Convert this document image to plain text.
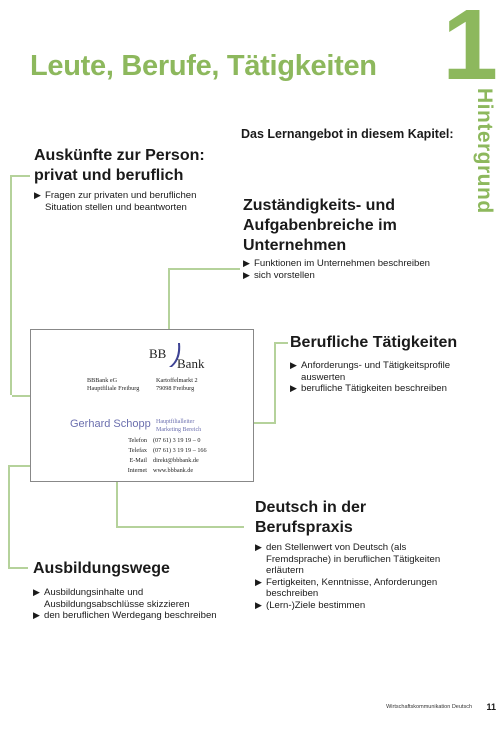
Leute, Berufe, Tätigkeiten 1
Hintergrund
Das Lernangebot in diesem Kapitel:
Auskünfte zur Person:
privat und beruflich
▶ Fragen zur privaten und beruflichen Situation stellen und beantworten	Zuständigkeits- und
Aufgabenbreiche im
Unternehmen
▶ Funktionen im Unternehmen beschreiben
▶ sich vorstellen
Berufliche Tätigkeiten
▶ Anforderungs- und Tätigkeitsprofile auswerten
▶ berufliche Tätigkeiten beschreiben
BB
Bank
BBBank eG
Hauptfiliale Freiburg
Kartoffelmarkt 2
79098 Freiburg
Gerhard Schopp Hauptfilialleiter
Marketing Bereich
Telefon (07 61) 3 19 19 – 0
Telefax (07 61) 3 19 19 – 166
E-Mail direkt@bbbank.de
Internet www.bbbank.de
Deutsch in der
Berufspraxis
▶ den Stellenwert von Deutsch (als Fremdsprache) in beruflichen Tätigkeiten erläutern
▶ Fertigkeiten, Kenntnisse, Anforderungen beschreiben
▶ (Lern-)Ziele bestimmen
Ausbildungswege
▶ Ausbildungsinhalte und Ausbildungsabschlüsse skizzieren
▶ den beruflichen Werdegang beschreiben
Wirtschaftskommunikation Deutsch 11
